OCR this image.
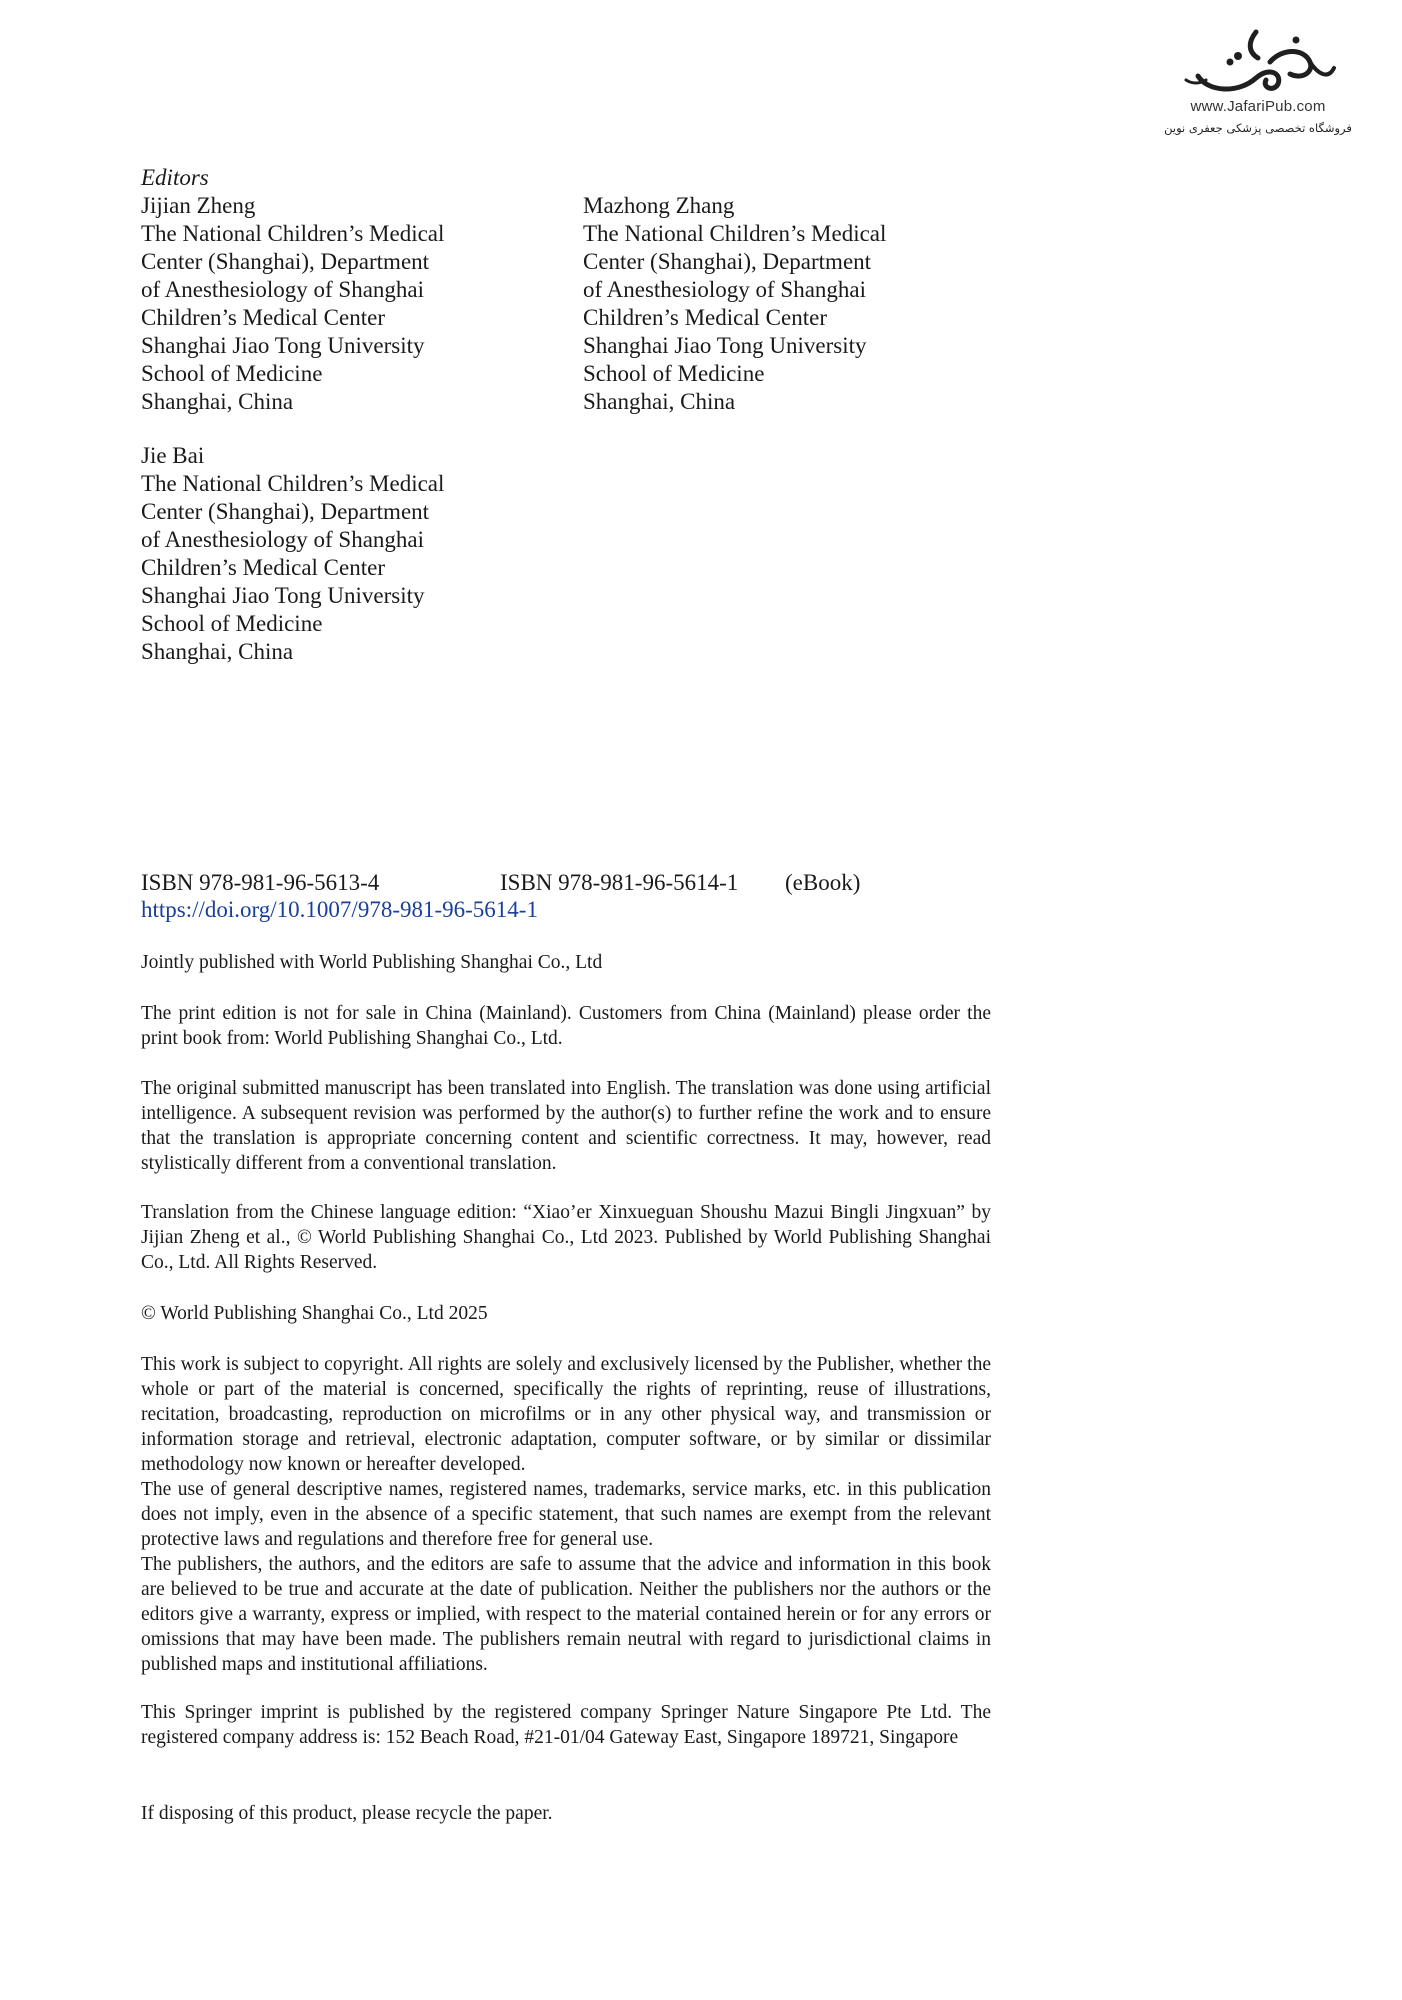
www.JafariPub.com
فروشگاه تخصصی پزشکی جعفری نوین
Editors
Jijian Zheng
The National Children’s Medical
Center (Shanghai), Department
of Anesthesiology of Shanghai
Children’s Medical Center
Shanghai Jiao Tong University
School of Medicine
Shanghai, China
Mazhong Zhang
The National Children’s Medical
Center (Shanghai), Department
of Anesthesiology of Shanghai
Children’s Medical Center
Shanghai Jiao Tong University
School of Medicine
Shanghai, China
Jie Bai
The National Children’s Medical
Center (Shanghai), Department
of Anesthesiology of Shanghai
Children’s Medical Center
Shanghai Jiao Tong University
School of Medicine
Shanghai, China
ISBN 978-981-96-5613-4	ISBN 978-981-96-5614-1 (eBook)
https://doi.org/10.1007/978-981-96-5614-1

Jointly published with World Publishing Shanghai Co., Ltd

The print edition is not for sale in China (Mainland). Customers from China (Mainland) please order the print book from: World Publishing Shanghai Co., Ltd.

The original submitted manuscript has been translated into English. The translation was done using artificial intelligence. A subsequent revision was performed by the author(s) to further refine the work and to ensure that the translation is appropriate concerning content and scientific correctness. It may, however, read stylistically different from a conventional translation.

Translation from the Chinese language edition: “Xiao’er Xinxueguan Shoushu Mazui Bingli Jingxuan” by Jijian Zheng et al., © World Publishing Shanghai Co., Ltd 2023. Published by World Publishing Shanghai Co., Ltd. All Rights Reserved.

© World Publishing Shanghai Co., Ltd 2025

This work is subject to copyright. All rights are solely and exclusively licensed by the Publisher, whether the whole or part of the material is concerned, specifically the rights of reprinting, reuse of illustrations, recitation, broadcasting, reproduction on microfilms or in any other physical way, and transmission or information storage and retrieval, electronic adaptation, computer software, or by similar or dissimilar methodology now known or hereafter developed.

The use of general descriptive names, registered names, trademarks, service marks, etc. in this publication does not imply, even in the absence of a specific statement, that such names are exempt from the relevant protective laws and regulations and therefore free for general use.

The publishers, the authors, and the editors are safe to assume that the advice and information in this book are believed to be true and accurate at the date of publication. Neither the publishers nor the authors or the editors give a warranty, express or implied, with respect to the material contained herein or for any errors or omissions that may have been made. The publishers remain neutral with regard to jurisdictional claims in published maps and institutional affiliations.

This Springer imprint is published by the registered company Springer Nature Singapore Pte Ltd. The registered company address is: 152 Beach Road, #21-01/04 Gateway East, Singapore 189721, Singapore

If disposing of this product, please recycle the paper.
